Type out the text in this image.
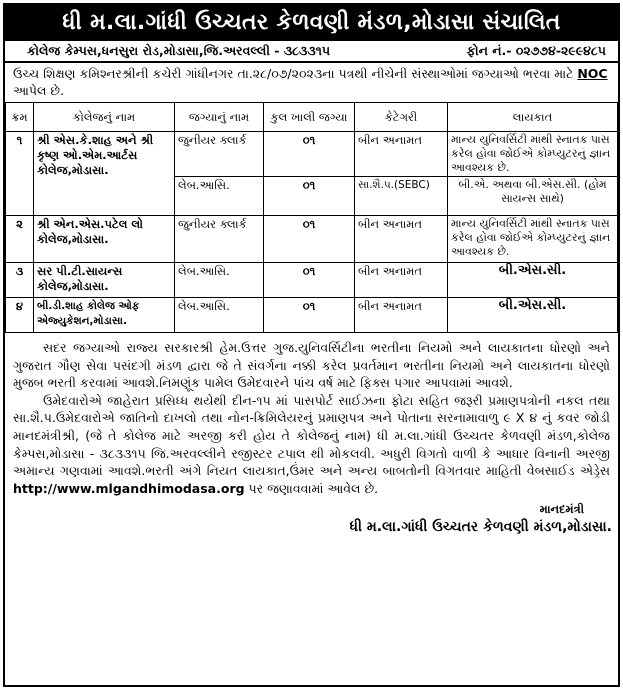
ધી મ.લા.ગાંધી ઉચ્ચતર કેળવણી મંડળ,મોડાસા સંચાલિત
કોલેજ કેમ્પસ,ધનસુરા રોડ,મોડાસા,જિ.અરવલ્લી - ૩૮૩૩૧૫	ફોન નં.- ૦૨૭૭૪-૨૯૯૪૮૫
ઉચ્ચ શિક્ષણ કમિશ્નરશ્રીની કચેરી ગાંધીનગર તા.૨૮/૦૭/૨૦૨૩ના પત્રથી નીચેની સંસ્થાઓમાં જગ્યાઓ ભરવા માટે NOC આપેલ છે.
ક્રમ	કોલેજનું નામ	જગ્યાનું નામ	કુલ ખાલી જગ્યા	કેટેગરી	લાયકાત
૧	શ્રી એસ.કે.શાહ અને શ્રી કૃષ્ણ ઓ.એમ.આર્ટસ કોલેજ,મોડાસા.	જુનીયર ક્લાર્ક	૦૧	બીન અનામત	માન્ય યુનિવર્સિટી માંથી સ્નાતક પાસ કરેલ હોવા જોઈએ કોમ્પ્યુટરનું જ્ઞાન આવશ્યક છે.
		લેબ.આસિ.	૦૧	સા.શૈ.પ.(SEBC)	બી.એ. અથવા બી.એસ.સી. (હોમ સાયન્સ સાથે)
૨	શ્રી એન.એસ.પટેલ લો કોલેજ,મોડાસા.	જુનીયર ક્લાર્ક	૦૧	બીન અનામત	માન્ય યુનિવર્સિટી માંથી સ્નાતક પાસ કરેલ હોવા જોઈએ કોમ્પ્યુટરનું જ્ઞાન આવશ્યક છે.
૩	સર પી.ટી.સાયન્સ કોલેજ,મોડાસા.	લેબ.આસિ.	૦૧	બીન અનામત	બી.એસ.સી.
૪	બી.ડી.શાહ કોલેજ ઓફ એજ્યુકેશન,મોડાસા.	લેબ.આસિ.	૦૧	બીન અનામત	બી.એસ.સી.

સદર જગ્યાઓ રાજ્ય સરકારશ્રી હેમ.ઉત્તર ગુજ.યુનિવર્સિટીના ભરતીના નિયમો અને લાયકાતના ધોરણો અને ગુજરાત ગૌણ સેવા પસંદગી મંડળ દ્વારા જે તે સંવર્ગના નક્કી કરેલ પ્રવર્તમાન ભરતીના નિયમો અને લાયકાતના ધોરણો મુજબ ભરતી કરવામાં આવશે.નિમણૂંક પામેલ ઉમેદવારને પાંચ વર્ષ માટે ફિક્સ પગાર આપવામાં આવશે.

ઉમેદવારોએ જાહેરાત પ્રસિધ્ધ થયેથી દીન-૧૫ માં પાસપોર્ટ સાઈઝના ફોટા સહિત જરૂરી પ્રમાણપત્રોની નકલ તથા સા.શૈ.પ.ઉમેદવારોએ જાતિનો દાખલો તથા નોન-ક્રિમિલેયરનું પ્રમાણપત્ર અને પોતાના સરનામાવાળુ ૯ X ૪ નું કવર જોડી માનદમંત્રીશ્રી, (જે તે કોલેજ માટે અરજી કરી હોય તે કોલેજનું નામ) ધી મ.લા.ગાંધી ઉચ્ચતર કેળવણી મંડળ,કોલેજ કેમ્પસ,મોડાસા - ૩૮૩૩૧૫ જિ.અરવલ્લીને રજીસ્ટર ટપાલ થી મોકલવી. અધુરી વિગતો વાળી કે આધાર વિનાની અરજી અમાન્ય ગણવામાં આવશે.ભરતી અંગે નિયત લાયકાત,ઉંમર અને અન્ય બાબતોની વિગતવાર માહિતી વેબસાઈડ એડ્રેસ http://www.mlgandhimodasa.org પર જણાવવામાં આવેલ છે.

માનદમંત્રી
ધી મ.લા.ગાંધી ઉચ્ચતર કેળવણી મંડળ,મોડાસા.
